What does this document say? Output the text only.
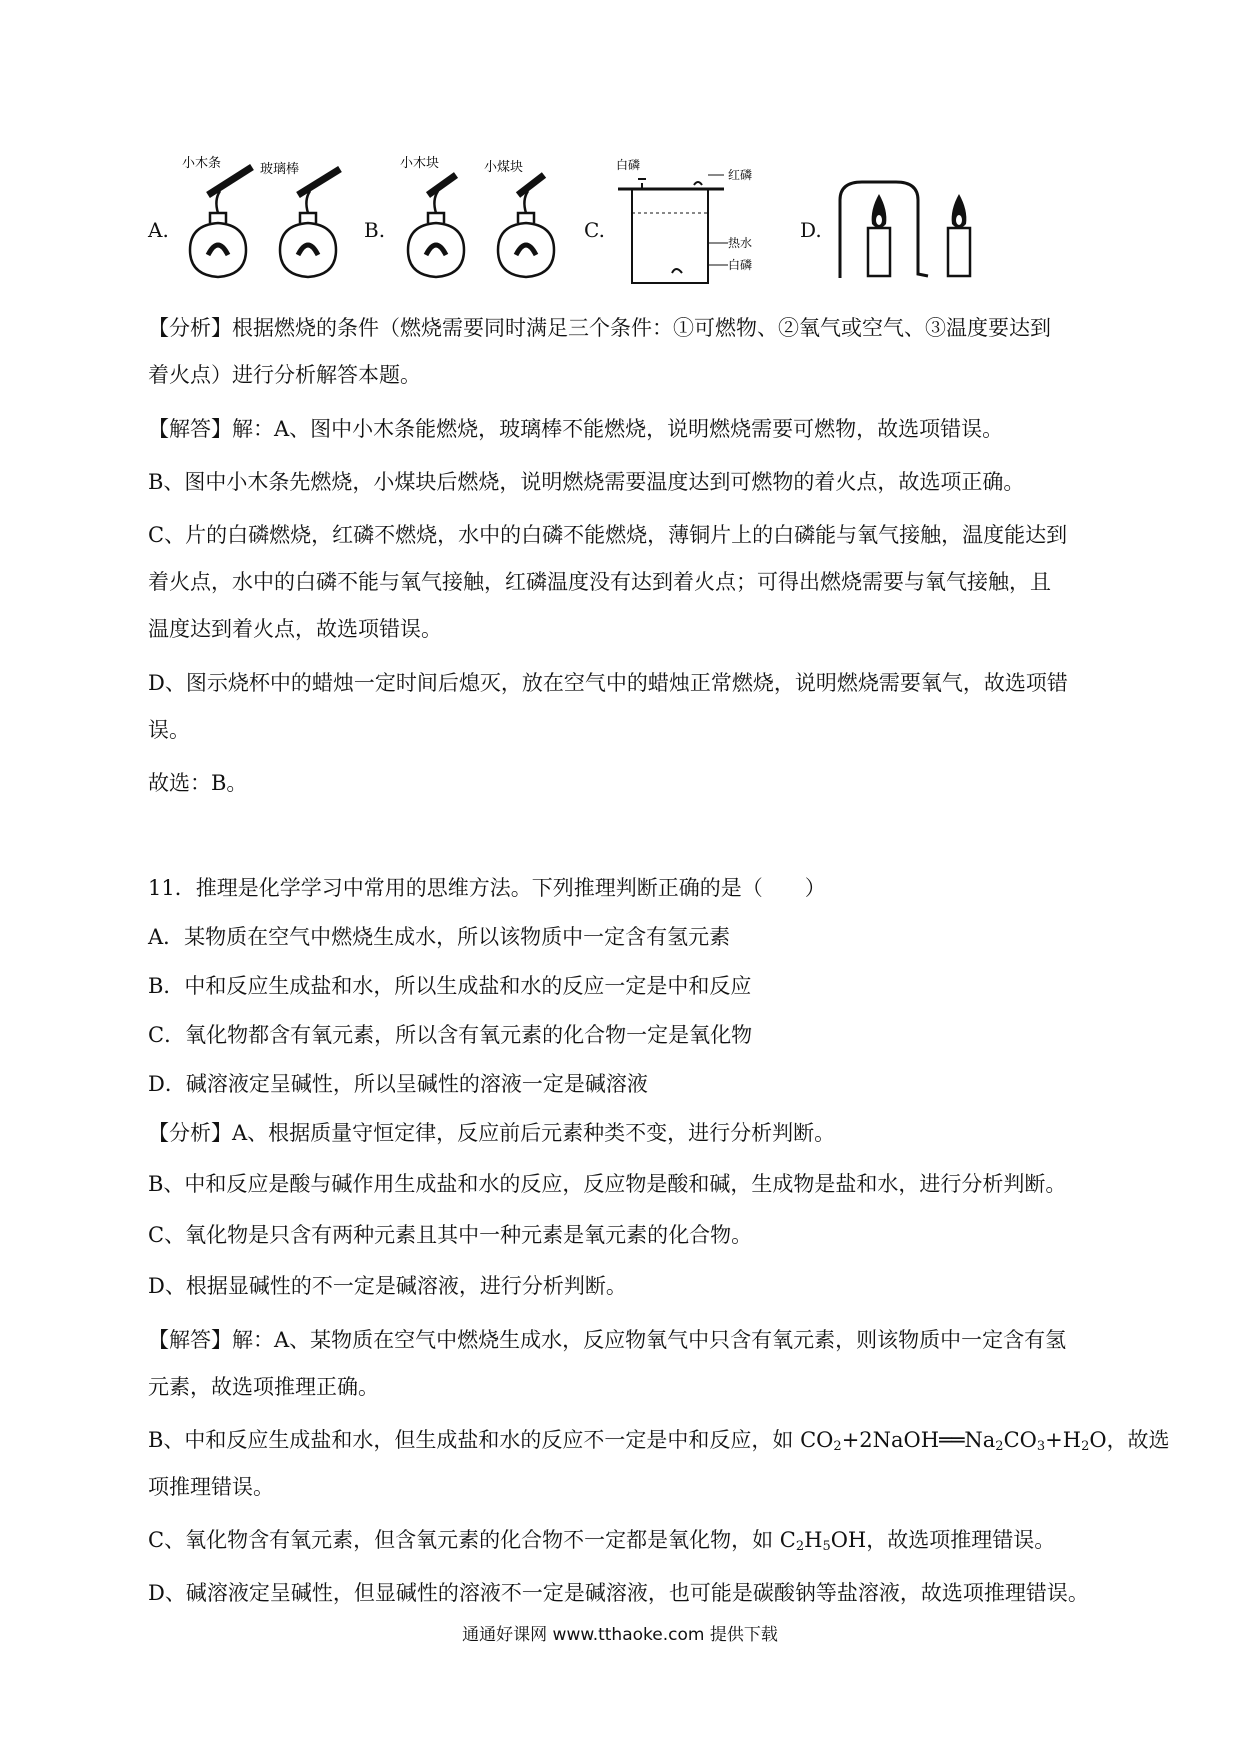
A.	B.	C.	D.
小木条	玻璃棒	小木块	小煤块	白磷
红磷
热水
白磷
【分析】根据燃烧的条件（燃烧需要同时满足三个条件：①可燃物、②氧气或空气、③温度要达到
着火点）进行分析解答本题。
【解答】解：A、图中小木条能燃烧，玻璃棒不能燃烧，说明燃烧需要可燃物，故选项错误。
B、图中小木条先燃烧，小煤块后燃烧，说明燃烧需要温度达到可燃物的着火点，故选项正确。
C、片的白磷燃烧，红磷不燃烧，水中的白磷不能燃烧，薄铜片上的白磷能与氧气接触，温度能达到
着火点，水中的白磷不能与氧气接触，红磷温度没有达到着火点；可得出燃烧需要与氧气接触，且
温度达到着火点，故选项错误。
D、图示烧杯中的蜡烛一定时间后熄灭，放在空气中的蜡烛正常燃烧，说明燃烧需要氧气，故选项错
误。
故选：B。
11．推理是化学学习中常用的思维方法。下列推理判断正确的是（　　）
A．某物质在空气中燃烧生成水，所以该物质中一定含有氢元素
B．中和反应生成盐和水，所以生成盐和水的反应一定是中和反应
C．氧化物都含有氧元素，所以含有氧元素的化合物一定是氧化物
D．碱溶液定呈碱性，所以呈碱性的溶液一定是碱溶液
【分析】A、根据质量守恒定律，反应前后元素种类不变，进行分析判断。
B、中和反应是酸与碱作用生成盐和水的反应，反应物是酸和碱，生成物是盐和水，进行分析判断。
C、氧化物是只含有两种元素且其中一种元素是氧元素的化合物。
D、根据显碱性的不一定是碱溶液，进行分析判断。
【解答】解：A、某物质在空气中燃烧生成水，反应物氧气中只含有氧元素，则该物质中一定含有氢
元素，故选项推理正确。
B、中和反应生成盐和水，但生成盐和水的反应不一定是中和反应，如 $CO_2+2NaOH══Na_2CO_3+H_2O$，故选
项推理错误。
C、氧化物含有氧元素，但含氧元素的化合物不一定都是氧化物，如 $C_2H_5OH$，故选项推理错误。
D、碱溶液定呈碱性，但显碱性的溶液不一定是碱溶液，也可能是碳酸钠等盐溶液，故选项推理错误。
通通好课网 www.tthaoke.com 提供下载
